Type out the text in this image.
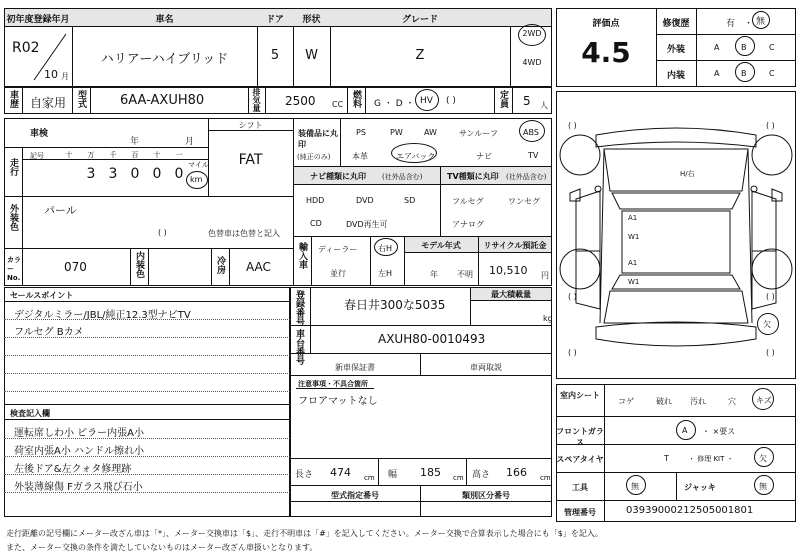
初年度登録年月	車名	ドア	形状	グレード
R02
10 月
ハリアーハイブリッド	5	W	Z
2WD
4WD
車歴 自家用 型式	6AA-AXUH80	排気量 2500 CC 燃料 G ・ D ・ HV ( )	定員 5 人
車検
年	月
シフト
FAT
走行
記号	十	万	千	百	十	一
3 3 0 0 0
マイル
km
装備品に丸印
(純正のみ)
PS	PW	AW	サンルーフ	ABS
本革	エアバック	ナビ	TV
ナビ種類に丸印 (社外品含む)	TV種類に丸印 (社外品含む)
HDD	DVD	SD
CD	DVD再生可
フルセグ	ワンセグ
アナログ
外装色 パール
( )	色替車は色替と記入
カラーNo.
070	内装色	冷房 AAC	輸入車 ディーラー
並行
右H
左H
モデル年式
年 不明
リサイクル預託金
10,510 円
セールスポイント
デジタルミラー/JBL/純正12.3型ナビTV
フルセグ Bカメ
検査記入欄
運転席しわ小 ピラー内張A小
荷室内張A小 ハンドル擦れ小
左後ドア&左クォタ修理跡
外装薄線傷 Fガラス飛び石小
登録番号	春日井300な5035
最大積載量
kg
車台番号	AXUH80-0010493
新車保証書	車両取説
注意事項・不具合箇所
フロアマットなし
長さ 474 cm 幅 185 cm 高さ 166 cm
型式指定番号	類別区分番号
評価点
4.5
修復歴	有 ・ 無
外装	A	B	C
内装	A	B	C
( )	( )
( )	( )
( )	( )
H/右
A1
W1
A1
W1
欠
室内シート
コゲ	破れ 汚れ	穴	キズ
フロントガラス
A ・ ×要ス
スペアタイヤ	T	・ 修理 KIT ・	欠
工具	無	ジャッキ	無
管理番号	03939000212505001801
走行距離の記号欄にメーター改ざん車は「*」、メーター交換車は「$」、走行不明車は「#」を記入してください。メーター交換で合算表示した場合にも「$」を記入。
また、メーター交換の条件を満たしていないものはメーター改ざん車扱いとなります。
